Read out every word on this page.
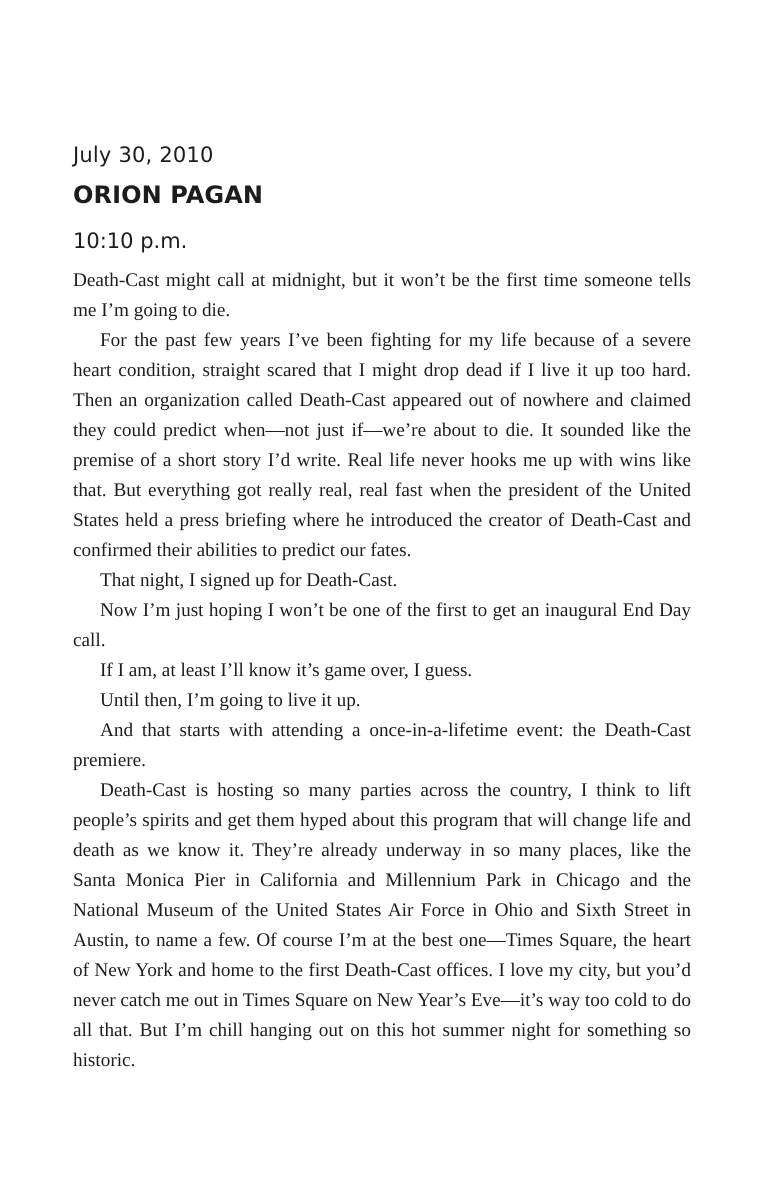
July 30, 2010
ORION PAGAN
10:10 p.m.

Death-Cast might call at midnight, but it won’t be the first time someone tells me I’m going to die.

For the past few years I’ve been fighting for my life because of a severe heart condition, straight scared that I might drop dead if I live it up too hard. Then an organization called Death-Cast appeared out of nowhere and claimed they could predict when—not just if—we’re about to die. It sounded like the premise of a short story I’d write. Real life never hooks me up with wins like that. But everything got really real, real fast when the president of the United States held a press briefing where he introduced the creator of Death-Cast and confirmed their abilities to predict our fates.

That night, I signed up for Death-Cast.

Now I’m just hoping I won’t be one of the first to get an inaugural End Day call.

If I am, at least I’ll know it’s game over, I guess.

Until then, I’m going to live it up.

And that starts with attending a once-in-a-lifetime event: the Death-Cast premiere.

Death-Cast is hosting so many parties across the country, I think to lift people’s spirits and get them hyped about this program that will change life and death as we know it. They’re already underway in so many places, like the Santa Monica Pier in California and Millennium Park in Chicago and the National Museum of the United States Air Force in Ohio and Sixth Street in Austin, to name a few. Of course I’m at the best one—Times Square, the heart of New York and home to the first Death-Cast offices. I love my city, but you’d never catch me out in Times Square on New Year’s Eve—it’s way too cold to do all that. But I’m chill hanging out on this hot summer night for something so historic.
